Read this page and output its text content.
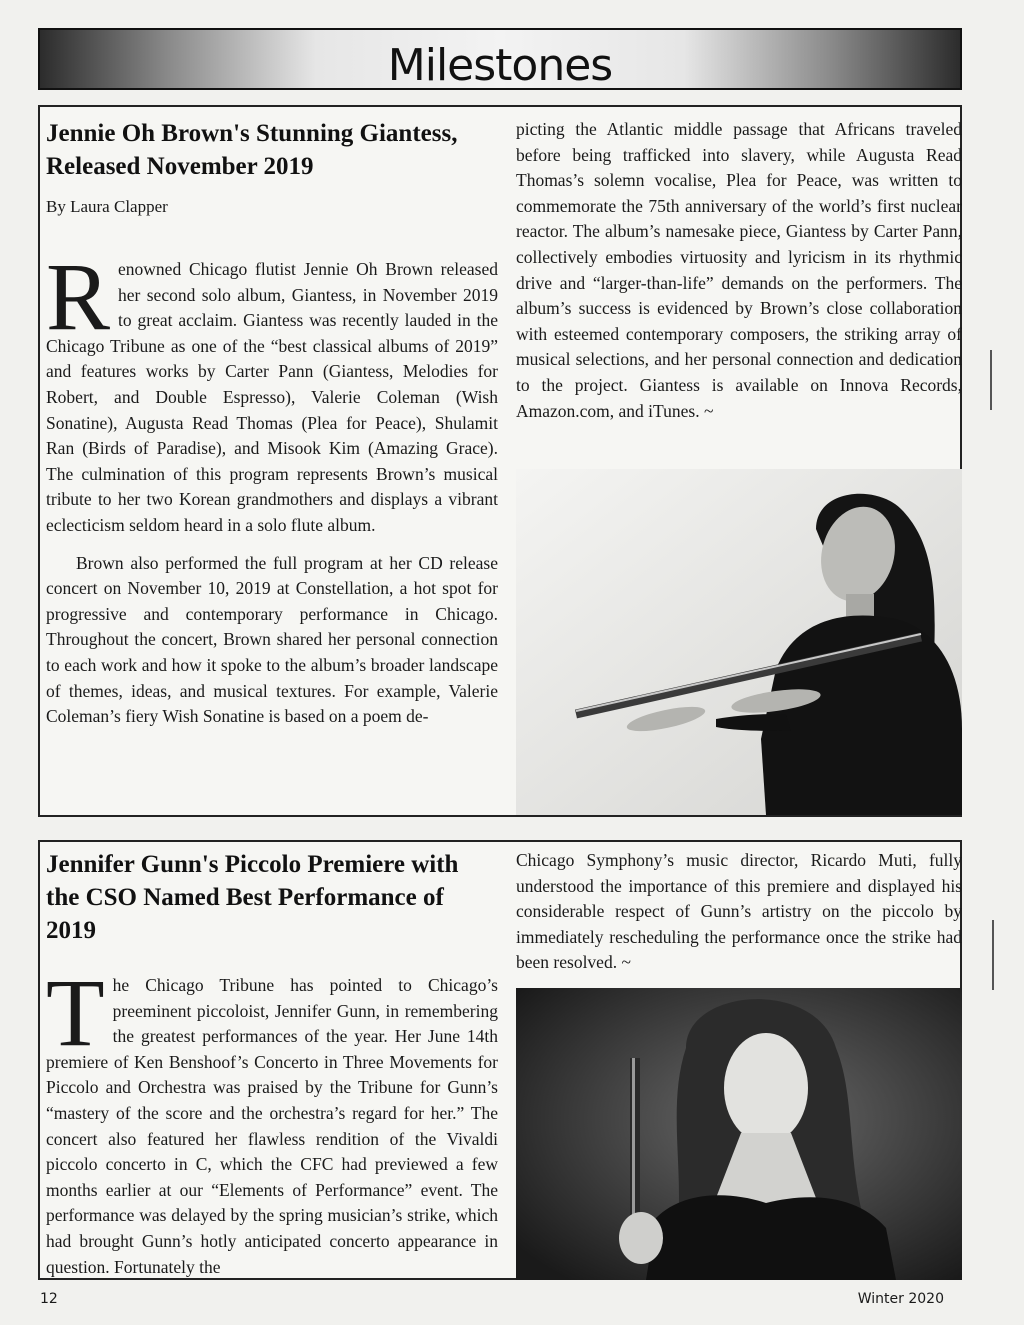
Milestones
Jennie Oh Brown's Stunning Giantess, Released November 2019
By Laura Clapper

Renowned Chicago flutist Jennie Oh Brown released her second solo album, Giantess, in November 2019 to great acclaim. Giantess was recently lauded in the Chicago Tribune as one of the “best classical albums of 2019” and features works by Carter Pann (Giantess, Melodies for Robert, and Double Espresso), Valerie Coleman (Wish Sonatine), Augusta Read Thomas (Plea for Peace), Shulamit Ran (Birds of Paradise), and Misook Kim (Amazing Grace). The culmination of this program represents Brown’s musical tribute to her two Korean grandmothers and displays a vibrant eclecticism seldom heard in a solo flute album.

Brown also performed the full program at her CD release concert on November 10, 2019 at Constellation, a hot spot for progressive and contemporary performance in Chicago. Throughout the concert, Brown shared her personal connection to each work and how it spoke to the album’s broader landscape of themes, ideas, and musical textures. For example, Valerie Coleman’s fiery Wish Sonatine is based on a poem de-

picting the Atlantic middle passage that Africans traveled before being trafficked into slavery, while Augusta Read Thomas’s solemn vocalise, Plea for Peace, was written to commemorate the 75th anniversary of the world’s first nuclear reactor. The album’s namesake piece, Giantess by Carter Pann, collectively embodies virtuosity and lyricism in its rhythmic drive and “larger-than-life” demands on the performers. The album’s success is evidenced by Brown’s close collaboration with esteemed contemporary composers, the striking array of musical selections, and her personal connection and dedication to the project. Giantess is available on Innova Records, Amazon.com, and iTunes. ~

Jennifer Gunn's Piccolo Premiere with the CSO Named Best Performance of 2019

The Chicago Tribune has pointed to Chicago’s preeminent piccoloist, Jennifer Gunn, in remembering the greatest performances of the year. Her June 14th premiere of Ken Benshoof’s Concerto in Three Movements for Piccolo and Orchestra was praised by the Tribune for Gunn’s “mastery of the score and the orchestra’s regard for her.” The concert also featured her flawless rendition of the Vivaldi piccolo concerto in C, which the CFC had previewed a few months earlier at our “Elements of Performance” event. The performance was delayed by the spring musician’s strike, which had brought Gunn’s hotly anticipated concerto appearance in question. Fortunately the

Chicago Symphony’s music director, Ricardo Muti, fully understood the importance of this premiere and displayed his considerable respect of Gunn’s artistry on the piccolo by immediately rescheduling the performance once the strike had been resolved. ~

12	Winter 2020
